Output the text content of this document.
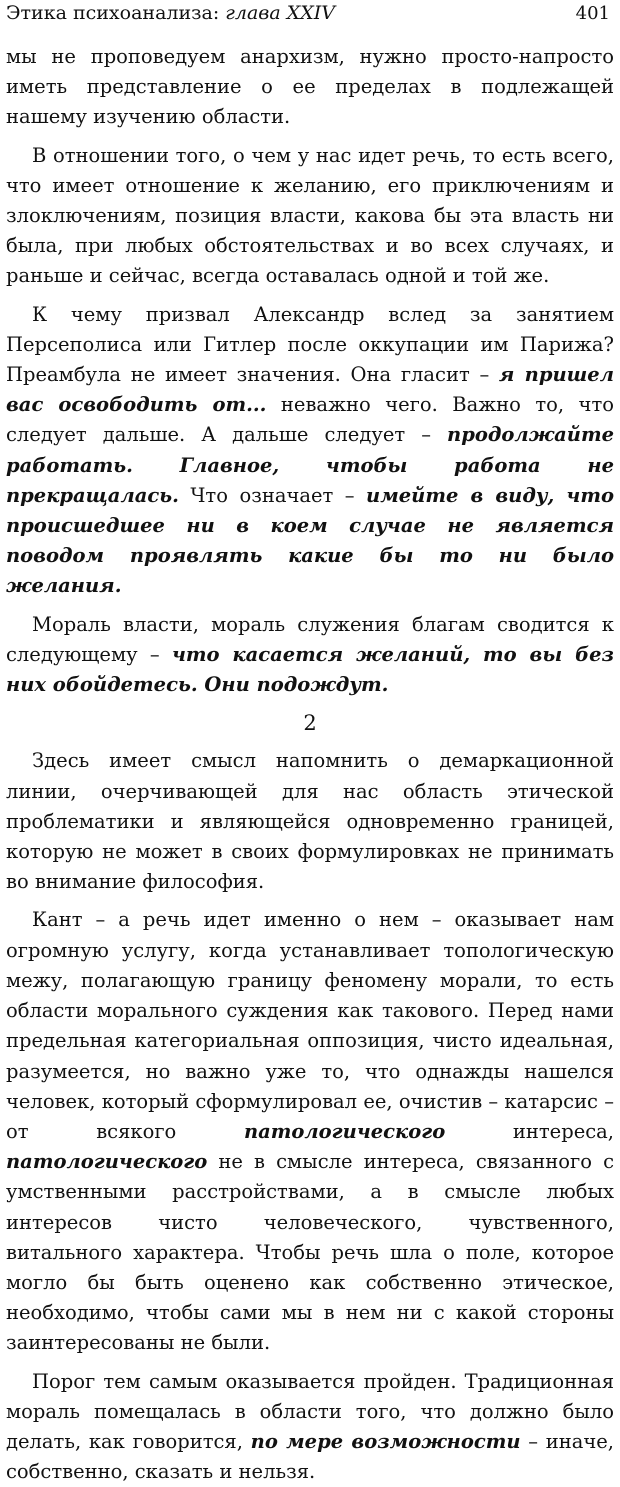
Этика психоанализа: глава XXIV	401

мы не проповедуем анархизм, нужно просто-напросто иметь представление о ее пределах в подлежащей нашему изучению области.

В отношении того, о чем у нас идет речь, то есть всего, что имеет отношение к желанию, его приключениям и злоключениям, позиция власти, какова бы эта власть ни была, при любых обстоятельствах и во всех случаях, и раньше и сейчас, всегда оставалась одной и той же.

К чему призвал Александр вслед за занятием Персеполиса или Гитлер после оккупации им Парижа? Преамбула не имеет значения. Она гласит – я пришел вас освободить от... неважно чего. Важно то, что следует дальше. А дальше следует – продолжайте работать. Главное, чтобы работа не прекращалась. Что означает – имейте в виду, что происшедшее ни в коем случае не является поводом проявлять какие бы то ни было желания.

Мораль власти, мораль служения благам сводится к следующему – что касается желаний, то вы без них обойдетесь. Они подождут.

2

Здесь имеет смысл напомнить о демаркационной линии, очерчивающей для нас область этической проблематики и являющейся одновременно границей, которую не может в своих формулировках не принимать во внимание философия.

Кант – а речь идет именно о нем – оказывает нам огромную услугу, когда устанавливает топологическую межу, полагающую границу феномену морали, то есть области морального суждения как такового. Перед нами предельная категориальная оппозиция, чисто идеальная, разумеется, но важно уже то, что однажды нашелся человек, который сформулировал ее, очистив – катарсис – от всякого патологического интереса, патологического не в смысле интереса, связанного с умственными расстройствами, а в смысле любых интересов чисто человеческого, чувственного, витального характера. Чтобы речь шла о поле, которое могло бы быть оценено как собственно этическое, необходимо, чтобы сами мы в нем ни с какой стороны заинтересованы не были.

Порог тем самым оказывается пройден. Традиционная мораль помещалась в области того, что должно было делать, как говорится, по мере возможности – иначе, собственно, сказать и нельзя.
